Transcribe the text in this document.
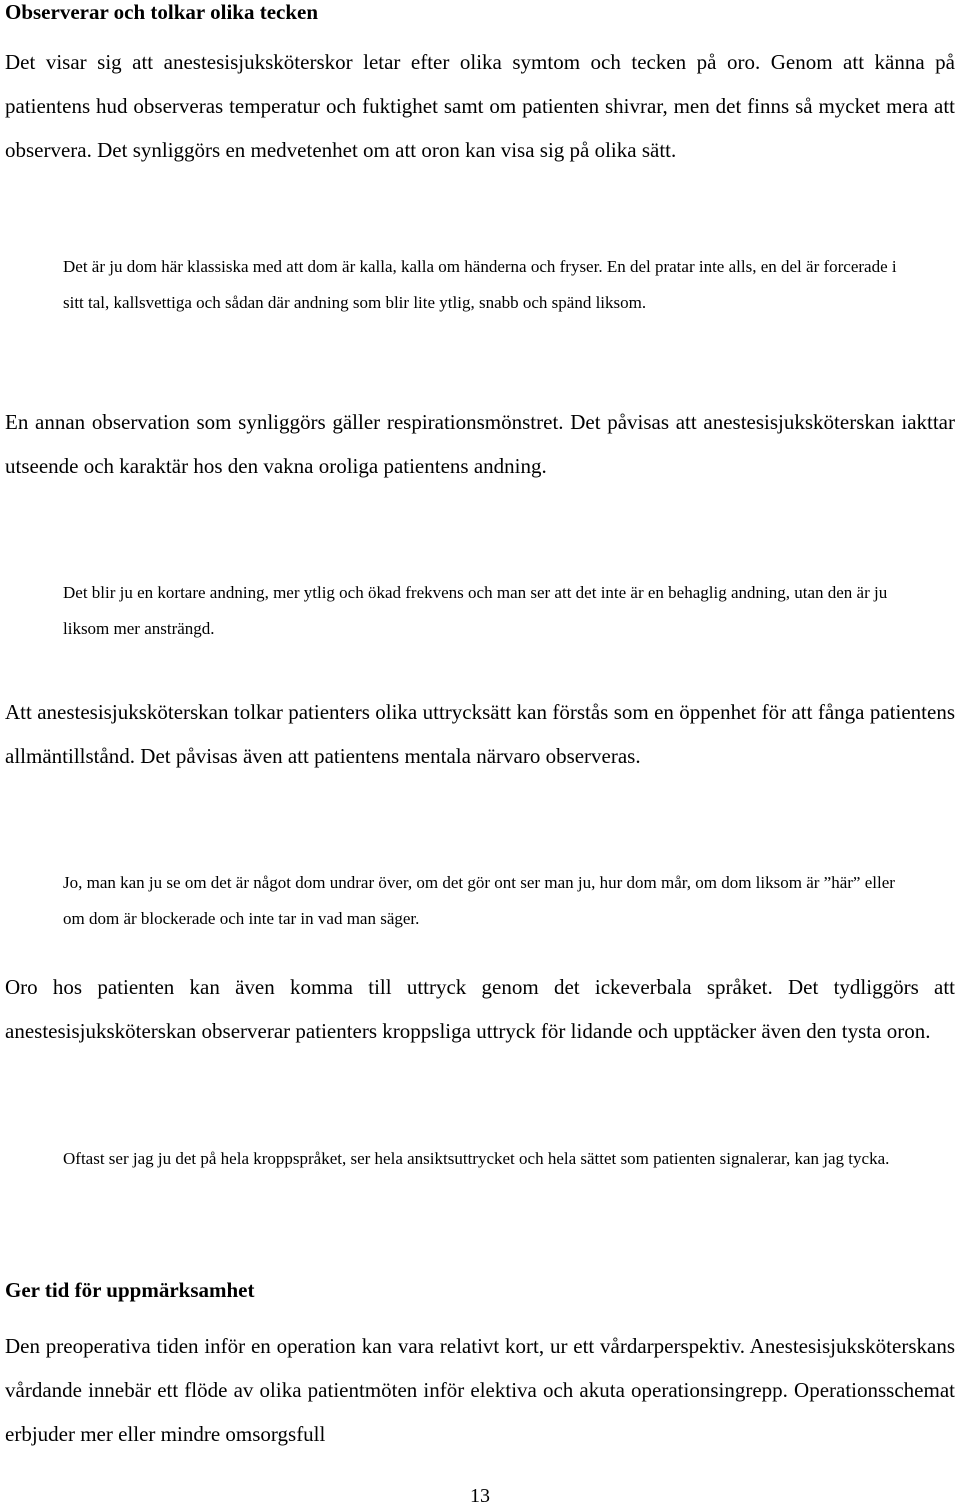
Observerar och tolkar olika tecken

Det visar sig att anestesisjuksköterskor letar efter olika symtom och tecken på oro. Genom att känna på patientens hud observeras temperatur och fuktighet samt om patienten shivrar, men det finns så mycket mera att observera. Det synliggörs en medvetenhet om att oron kan visa sig på olika sätt.

Det är ju dom här klassiska med att dom är kalla, kalla om händerna och fryser. En del pratar inte alls, en del är forcerade i sitt tal, kallsvettiga och sådan där andning som blir lite ytlig, snabb och spänd liksom.

En annan observation som synliggörs gäller respirationsmönstret. Det påvisas att anestesisjuksköterskan iakttar utseende och karaktär hos den vakna oroliga patientens andning.

Det blir ju en kortare andning, mer ytlig och ökad frekvens och man ser att det inte är en behaglig andning, utan den är ju liksom mer ansträngd.

Att anestesisjuksköterskan tolkar patienters olika uttrycksätt kan förstås som en öppenhet för att fånga patientens allmäntillstånd. Det påvisas även att patientens mentala närvaro observeras.

Jo, man kan ju se om det är något dom undrar över, om det gör ont ser man ju, hur dom mår, om dom liksom är ”här” eller om dom är blockerade och inte tar in vad man säger.

Oro hos patienten kan även komma till uttryck genom det ickeverbala språket. Det tydliggörs att anestesisjuksköterskan observerar patienters kroppsliga uttryck för lidande och upptäcker även den tysta oron.

Oftast ser jag ju det på hela kroppspråket, ser hela ansiktsuttrycket och hela sättet som patienten signalerar, kan jag tycka.

Ger tid för uppmärksamhet

Den preoperativa tiden inför en operation kan vara relativt kort, ur ett vårdarperspektiv. Anestesisjuksköterskans vårdande innebär ett flöde av olika patientmöten inför elektiva och akuta operationsingrepp. Operationsschemat erbjuder mer eller mindre omsorgsfull

13
